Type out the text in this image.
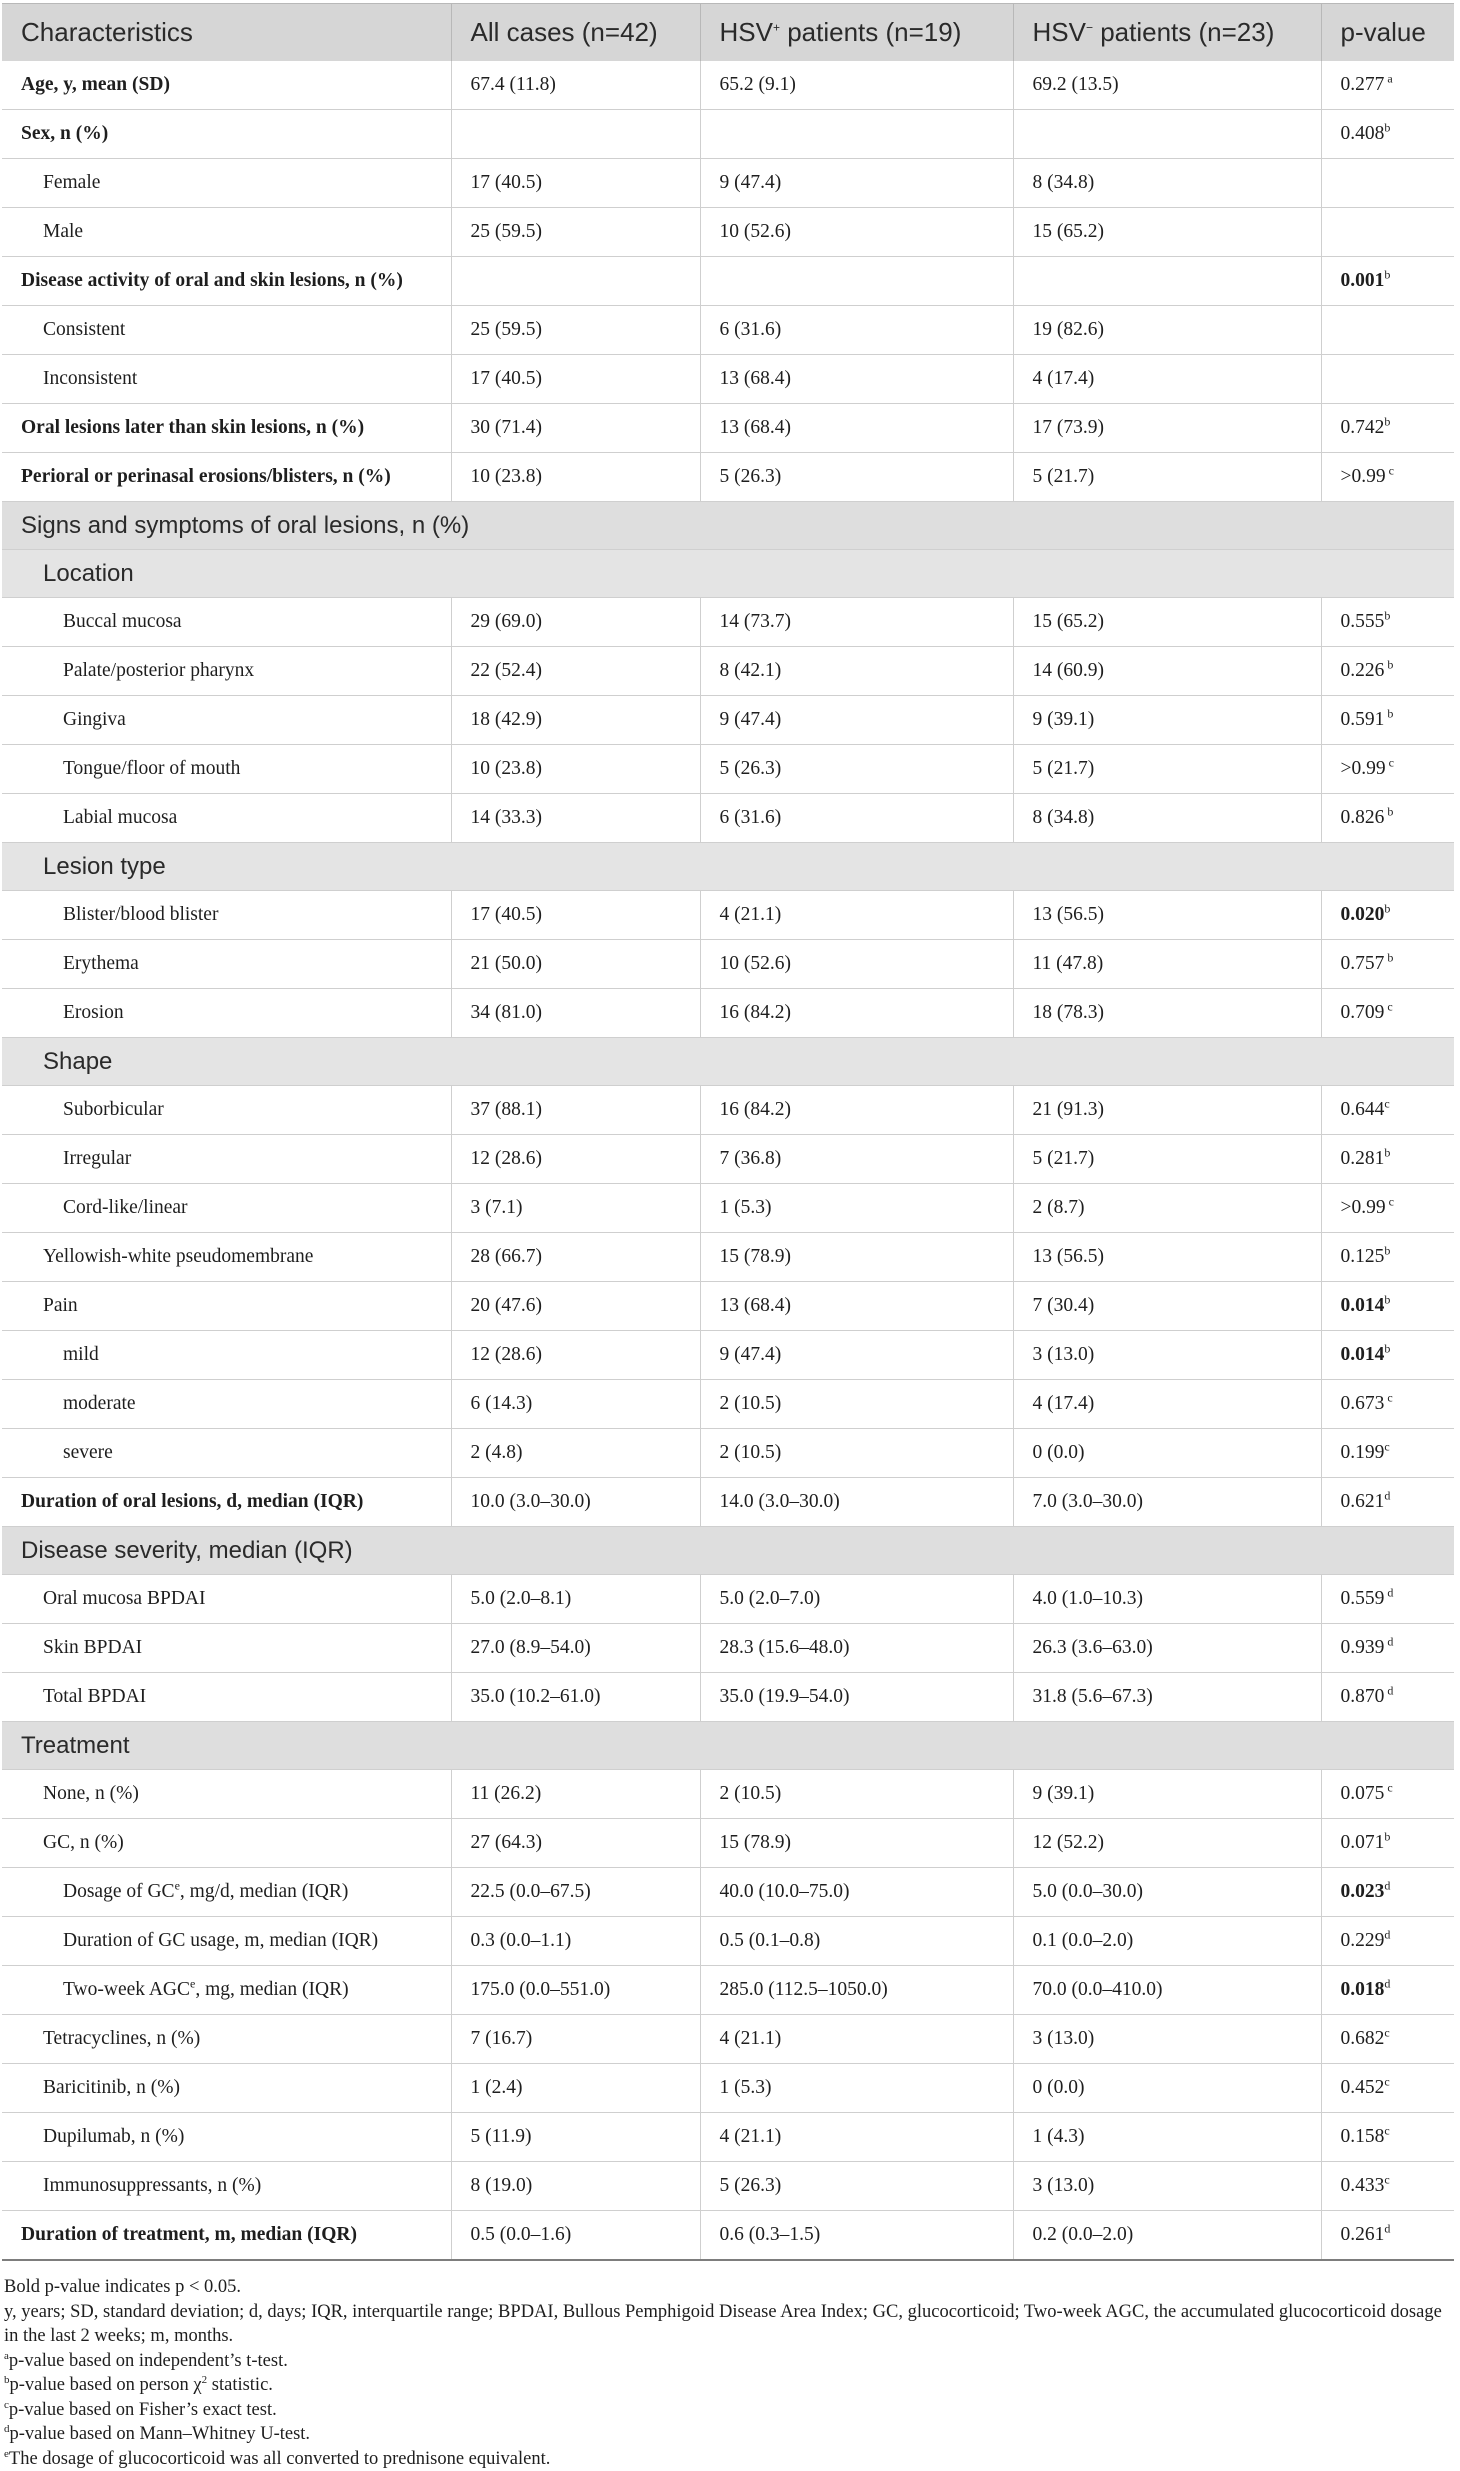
Characteristics	All cases (n=42)	HSV+ patients (n=19)	HSV− patients (n=23)	p-value
Age, y, mean (SD)	67.4 (11.8)	65.2 (9.1)	69.2 (13.5)	0.277 $^a$
Sex, n (%)				0.408$^b$
Female	17 (40.5)	9 (47.4)	8 (34.8)	
Male	25 (59.5)	10 (52.6)	15 (65.2)	
Disease activity of oral and skin lesions, n (%)				0.001$^b$
Consistent	25 (59.5)	6 (31.6)	19 (82.6)	
Inconsistent	17 (40.5)	13 (68.4)	4 (17.4)	
Oral lesions later than skin lesions, n (%)	30 (71.4)	13 (68.4)	17 (73.9)	0.742$^b$
Perioral or perinasal erosions/blisters, n (%)	10 (23.8)	5 (26.3)	5 (21.7)	>0.99 $^c$
Signs and symptoms of oral lesions, n (%)				
Location				
Buccal mucosa	29 (69.0)	14 (73.7)	15 (65.2)	0.555$^b$
Palate/posterior pharynx	22 (52.4)	8 (42.1)	14 (60.9)	0.226 $^b$
Gingiva	18 (42.9)	9 (47.4)	9 (39.1)	0.591 $^b$
Tongue/floor of mouth	10 (23.8)	5 (26.3)	5 (21.7)	>0.99 $^c$
Labial mucosa	14 (33.3)	6 (31.6)	8 (34.8)	0.826 $^b$
Lesion type				
Blister/blood blister	17 (40.5)	4 (21.1)	13 (56.5)	0.020$^b$
Erythema	21 (50.0)	10 (52.6)	11 (47.8)	0.757 $^b$
Erosion	34 (81.0)	16 (84.2)	18 (78.3)	0.709 $^c$
Shape				
Suborbicular	37 (88.1)	16 (84.2)	21 (91.3)	0.644$^c$
Irregular	12 (28.6)	7 (36.8)	5 (21.7)	0.281$^b$
Cord-like/linear	3 (7.1)	1 (5.3)	2 (8.7)	>0.99 $^c$
Yellowish-white pseudomembrane	28 (66.7)	15 (78.9)	13 (56.5)	0.125$^b$
Pain	20 (47.6)	13 (68.4)	7 (30.4)	0.014$^b$
mild	12 (28.6)	9 (47.4)	3 (13.0)	0.014$^b$
moderate	6 (14.3)	2 (10.5)	4 (17.4)	0.673 $^c$
severe	2 (4.8)	2 (10.5)	0 (0.0)	0.199$^c$
Duration of oral lesions, d, median (IQR)	10.0 (3.0–30.0)	14.0 (3.0–30.0)	7.0 (3.0–30.0)	0.621$^d$
Disease severity, median (IQR)				
Oral mucosa BPDAI	5.0 (2.0–8.1)	5.0 (2.0–7.0)	4.0 (1.0–10.3)	0.559 $^d$
Skin BPDAI	27.0 (8.9–54.0)	28.3 (15.6–48.0)	26.3 (3.6–63.0)	0.939 $^d$
Total BPDAI	35.0 (10.2–61.0)	35.0 (19.9–54.0)	31.8 (5.6–67.3)	0.870 $^d$
Treatment				
None, n (%)	11 (26.2)	2 (10.5)	9 (39.1)	0.075 $^c$
GC, n (%)	27 (64.3)	15 (78.9)	12 (52.2)	0.071$^b$
Dosage of $GC^e$, mg/d, median (IQR)	22.5 (0.0–67.5)	40.0 (10.0–75.0)	5.0 (0.0–30.0)	0.023$^d$
Duration of GC usage, m, median (IQR)	0.3 (0.0–1.1)	0.5 (0.1–0.8)	0.1 (0.0–2.0)	0.229$^d$
Two-week AGC$^e$, mg, median (IQR)	175.0 (0.0–551.0)	285.0 (112.5–1050.0)	70.0 (0.0–410.0)	0.018$^d$
Tetracyclines, n (%)	7 (16.7)	4 (21.1)	3 (13.0)	0.682$^c$
Baricitinib, n (%)	1 (2.4)	1 (5.3)	0 (0.0)	0.452$^c$
Dupilumab, n (%)	5 (11.9)	4 (21.1)	1 (4.3)	0.158$^c$
Immunosuppressants, n (%)	8 (19.0)	5 (26.3)	3 (13.0)	0.433$^c$
Duration of treatment, m, median (IQR)	0.5 (0.0–1.6)	0.6 (0.3–1.5)	0.2 (0.0–2.0)	0.261$^d$
Bold p-value indicates p < 0.05.
y, years; SD, standard deviation; d, days; IQR, interquartile range; BPDAI, Bullous Pemphigoid Disease Area Index; GC, glucocorticoid; Two-week AGC, the accumulated glucocorticoid dosage in the last 2 weeks; m, months.
$^a$p-value based on independent’s t-test.
$^b$p-value based on person $\chi^2$ statistic.
$^c$p-value based on Fisher’s exact test.
$^d$p-value based on Mann–Whitney U-test.
$^e$The dosage of glucocorticoid was all converted to prednisone equivalent.
